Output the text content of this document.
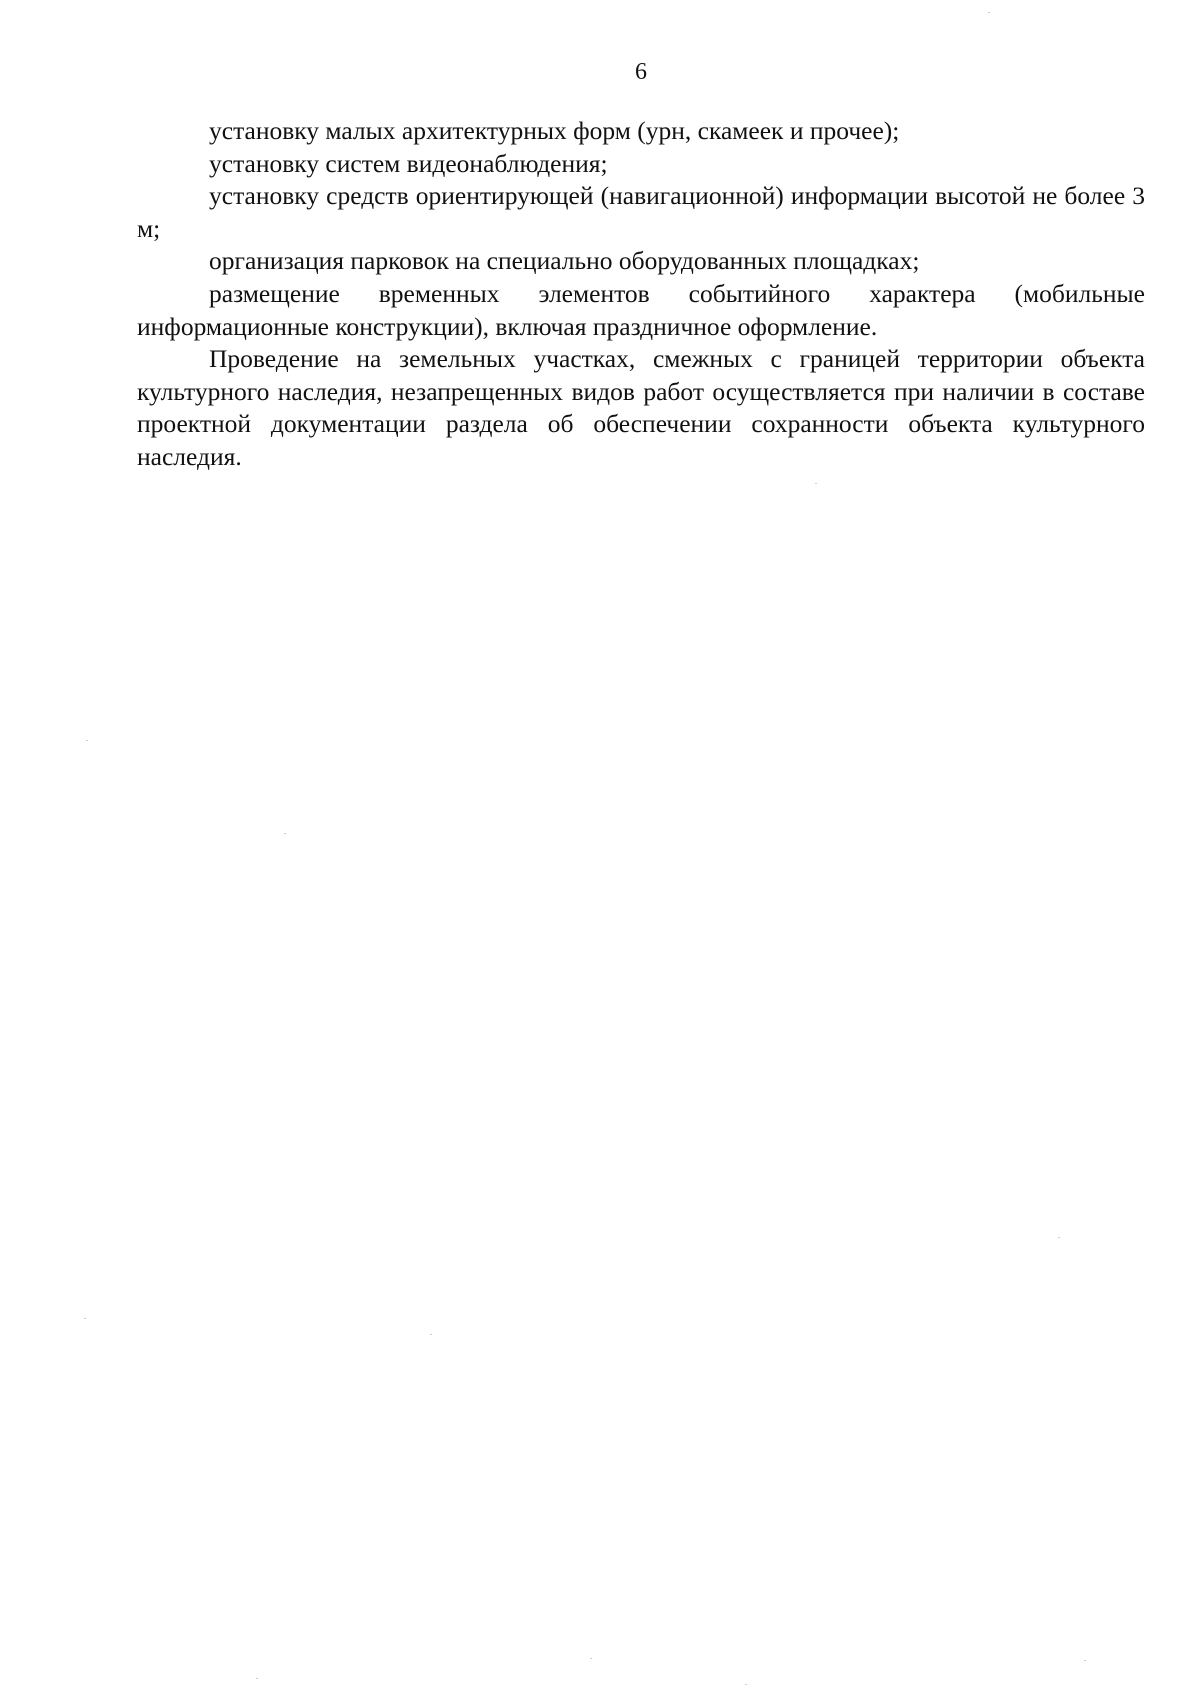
6

установку малых архитектурных форм (урн, скамеек и прочее);

установку систем видеонаблюдения;

установку средств ориентирующей (навигационной) информации высотой не более 3 м;

организация парковок на специально оборудованных площадках;

размещение временных элементов событийного характера (мобильные информационные конструкции), включая праздничное оформление.

Проведение на земельных участках, смежных с границей территории объекта культурного наследия, незапрещенных видов работ осуществляется при наличии в составе проектной документации раздела об обеспечении сохранности объекта культурного наследия.
